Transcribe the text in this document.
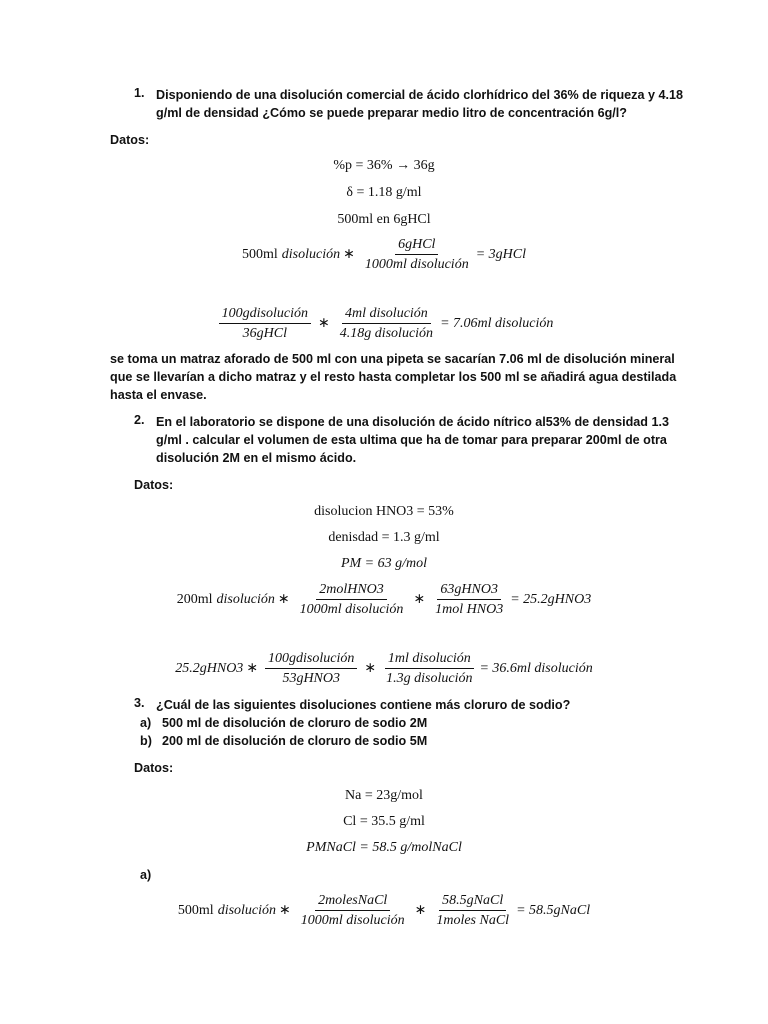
1. Disponiendo de una disolución comercial de ácido clorhídrico del 36% de riqueza y 4.18
g/ml de densidad ¿Cómo se puede preparar medio litro de concentración 6g/l?
Datos:
%p = 36% → 36g
δ = 1.18 g/ml
500ml en 6gHCl
500ml disolución ∗ $\frac{\text{6gHCl}}{\text{1000ml disolución}}$ = 3gHCl
$\frac{\text{100gdisolución}}{\text{36gHCl}}$ ∗ $\frac{\text{4ml disolución}}{\text{4.18g disolución}} = 7.06ml$ disolución
se toma un matraz aforado de 500 ml con una pipeta se sacarían 7.06 ml de disolución mineral
que se llevarían a dicho matraz y el resto hasta completar los 500 ml se añadirá agua destilada
hasta el envase.
2. En el laboratorio se dispone de una disolución de ácido nítrico al53% de densidad 1.3
g/ml . calcular el volumen de esta ultima que ha de tomar para preparar 200ml de otra
disolución 2M en el mismo ácido.
Datos:
disolucion HNO3 = 53%
denisdad = 1.3 g/ml
PM = 63 g/mol
200ml disolución ∗ $\frac{\text{2molHNO3}}{\text{1000ml disolución}}$ ∗ $\frac{\text{63gHNO3}}{\text{1mol HNO3}}$ = 25.2gHNO3
25.2gHNO3 ∗ $\frac{\text{100gdisolución}}{\text{53gHNO3}}$ ∗ $\frac{\text{1ml disolución}}{\text{1.3g disolución}} = 36.6ml$ disolución
3. ¿Cuál de las siguientes disoluciones contiene más cloruro de sodio?
a) 500 ml de disolución de cloruro de sodio 2M
b) 200 ml de disolución de cloruro de sodio 5M
Datos:
Na = 23g/mol
Cl = 35.5 g/ml
PMNaCl = 58.5 g/molNaCl
a)
500ml disolución ∗ $\frac{\text{2molesNaCl}}{\text{1000ml disolución}}$ ∗ $\frac{\text{58.5gNaCl}}{\text{1moles NaCl}}$ = 58.5gNaCl
